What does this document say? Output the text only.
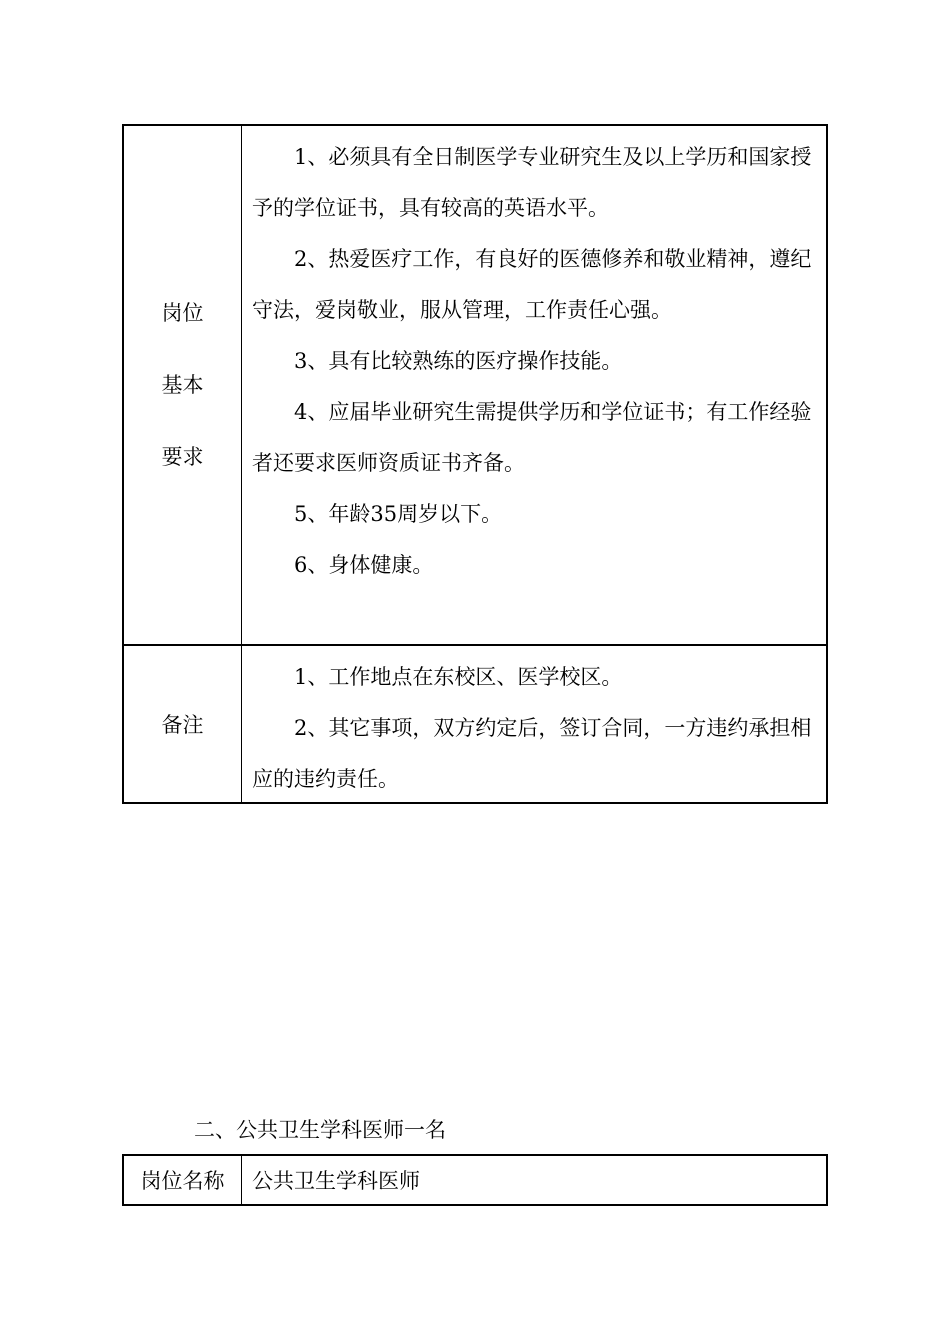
岗位
基本
要求

1、必须具有全日制医学专业研究生及以上学历和国家授予的学位证书，具有较高的英语水平。

2、热爱医疗工作，有良好的医德修养和敬业精神，遵纪守法，爱岗敬业，服从管理，工作责任心强。

3、具有比较熟练的医疗操作技能。

4、应届毕业研究生需提供学历和学位证书；有工作经验者还要求医师资质证书齐备。

5、年龄35周岁以下。

6、身体健康。

备注

1、工作地点在东校区、医学校区。

2、其它事项，双方约定后，签订合同，一方违约承担相应的违约责任。

二、公共卫生学科医师一名
岗位名称 公共卫生学科医师
